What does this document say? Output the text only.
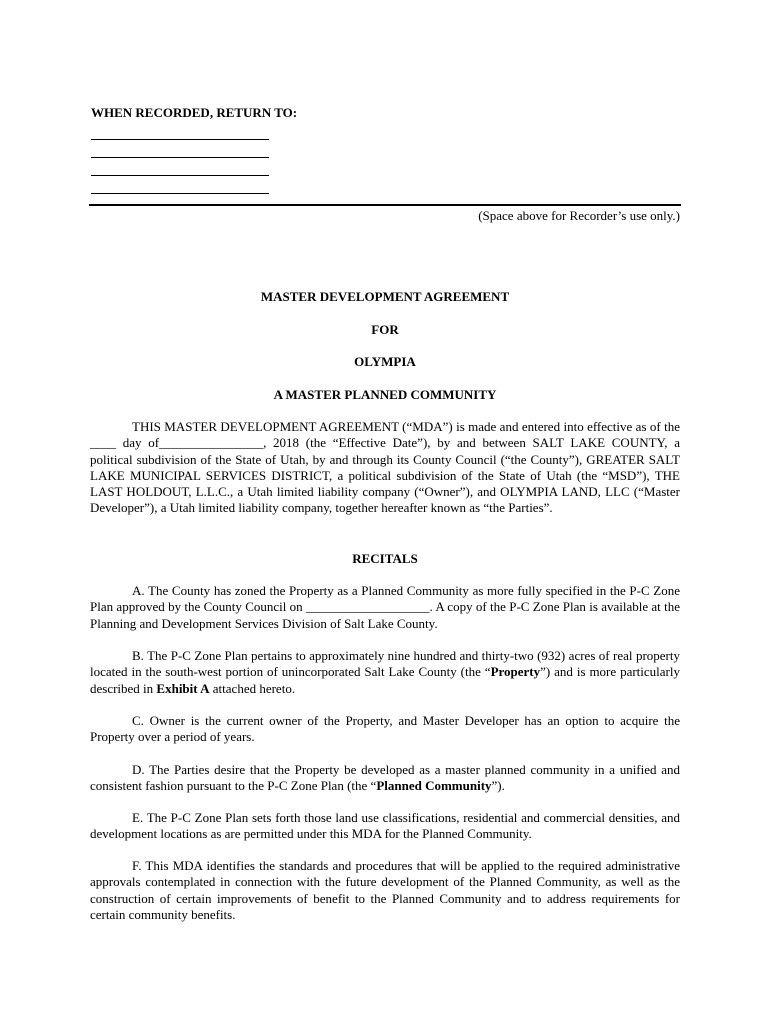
WHEN RECORDED, RETURN TO:
(Space above for Recorder’s use only.)
MASTER DEVELOPMENT AGREEMENT
FOR
OLYMPIA
A MASTER PLANNED COMMUNITY
THIS MASTER DEVELOPMENT AGREEMENT (“MDA”) is made and entered into effective as of the ____ day of________________, 2018 (the “Effective Date”), by and between SALT LAKE COUNTY, a political subdivision of the State of Utah, by and through its County Council (“the County”), GREATER SALT LAKE MUNICIPAL SERVICES DISTRICT, a political subdivision of the State of Utah (the “MSD”), THE LAST HOLDOUT, L.L.C., a Utah limited liability company (“Owner”), and OLYMPIA LAND, LLC (“Master Developer”), a Utah limited liability company, together hereafter known as “the Parties”.
RECITALS
A. The County has zoned the Property as a Planned Community as more fully specified in the P-C Zone Plan approved by the County Council on ___________________. A copy of the P-C Zone Plan is available at the Planning and Development Services Division of Salt Lake County.
B. The P-C Zone Plan pertains to approximately nine hundred and thirty-two (932) acres of real property located in the south-west portion of unincorporated Salt Lake County (the “Property”) and is more particularly described in Exhibit A attached hereto.
C. Owner is the current owner of the Property, and Master Developer has an option to acquire the Property over a period of years.
D. The Parties desire that the Property be developed as a master planned community in a unified and consistent fashion pursuant to the P-C Zone Plan (the “Planned Community”).
E. The P-C Zone Plan sets forth those land use classifications, residential and commercial densities, and development locations as are permitted under this MDA for the Planned Community.
F. This MDA identifies the standards and procedures that will be applied to the required administrative approvals contemplated in connection with the future development of the Planned Community, as well as the construction of certain improvements of benefit to the Planned Community and to address requirements for certain community benefits.
